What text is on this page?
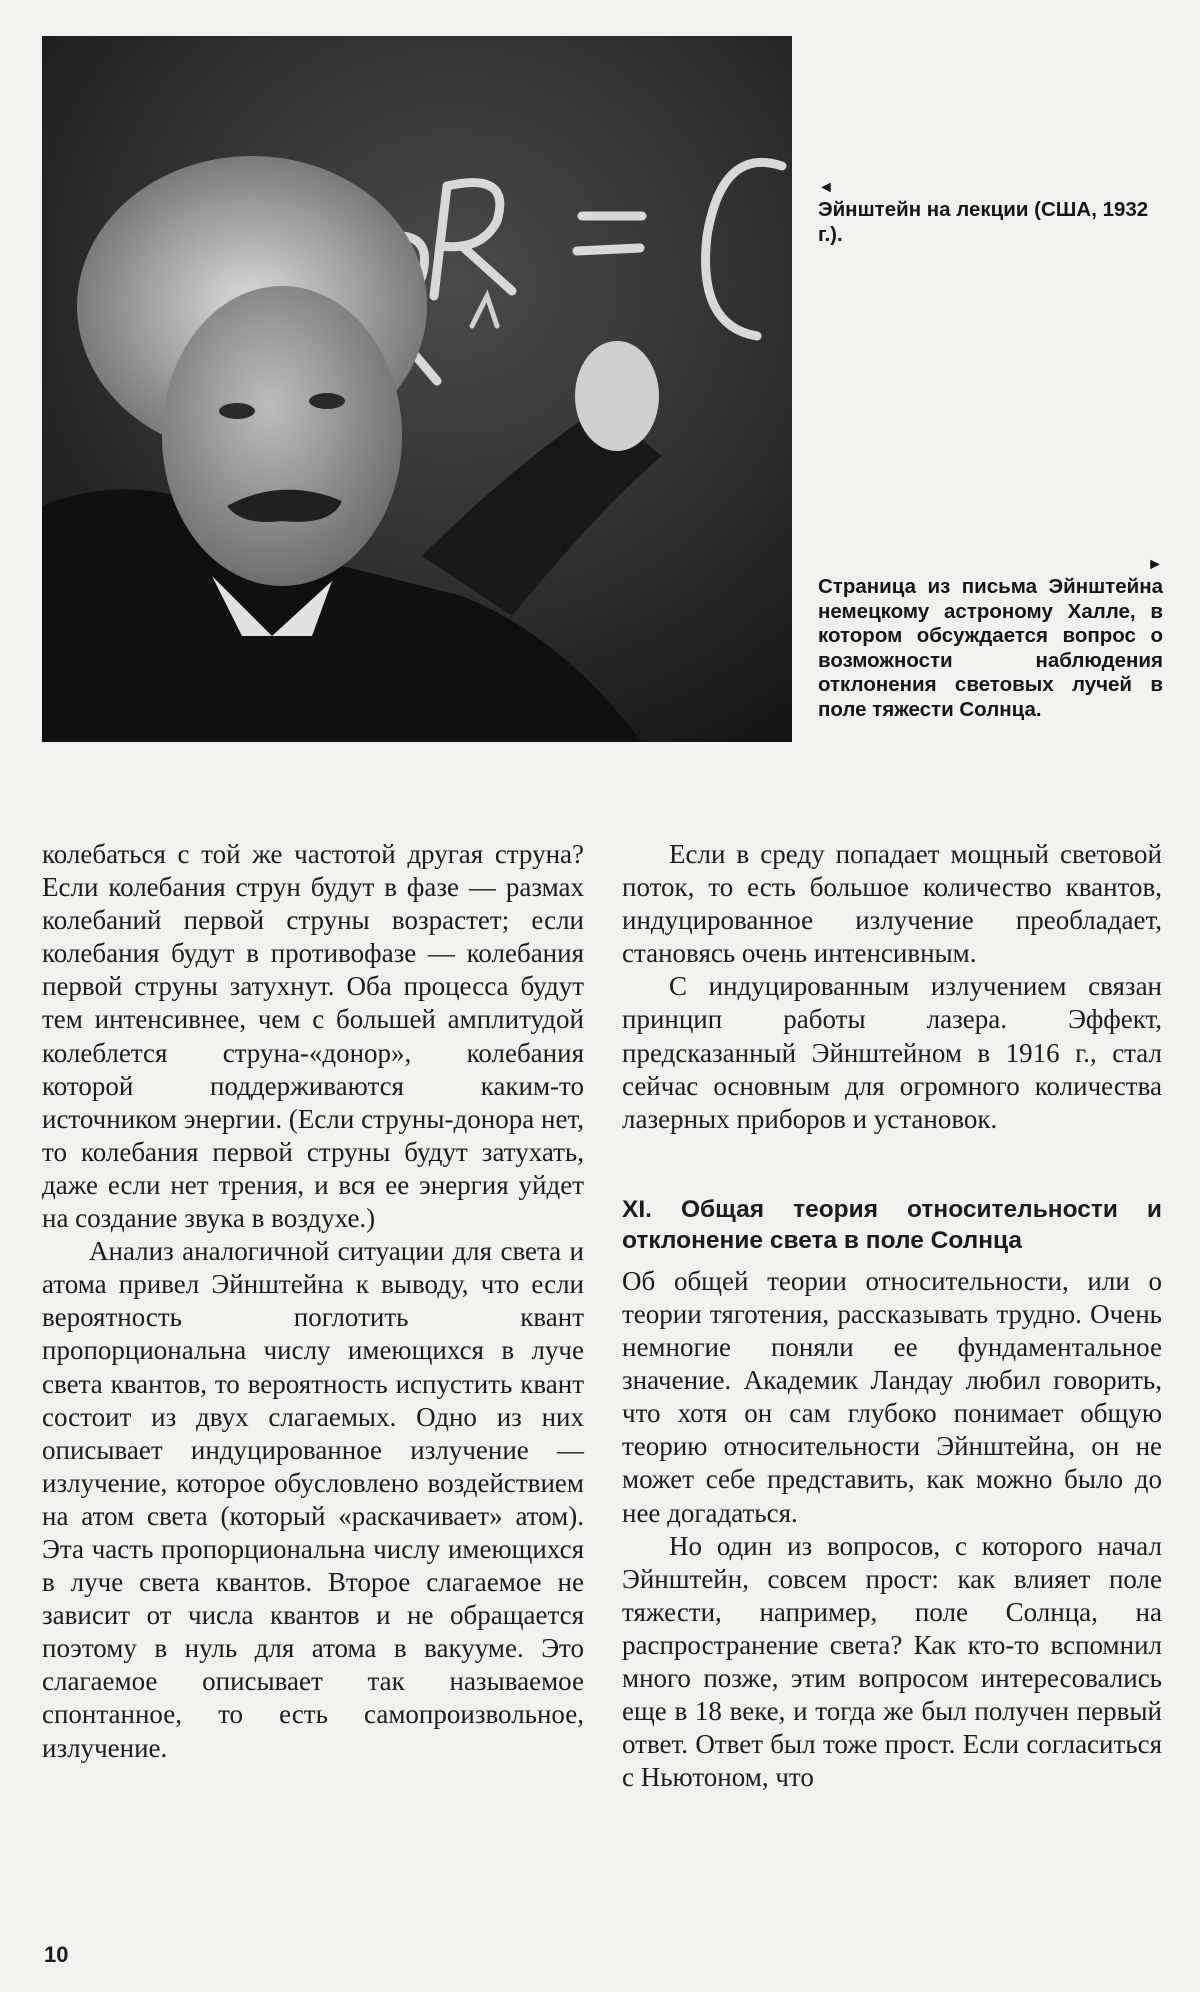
◄
Эйнштейн на лекции (США, 1932 г.).
►
Страница из письма Эйнштейна немецкому астроному Халле, в котором обсуждается вопрос о возможности наблюдения отклонения световых лучей в поле тяжести Солнца.

колебаться с той же частотой другая струна? Если колебания струн будут в фазе — размах колебаний первой струны возрастет; если колебания будут в противофазе — колебания первой струны затухнут. Оба процесса будут тем интенсивнее, чем с большей амплитудой колеблется струна-«донор», колебания которой поддерживаются каким-то источником энергии. (Если струны-донора нет, то колебания первой струны будут затухать, даже если нет трения, и вся ее энергия уйдет на создание звука в воздухе.)

Анализ аналогичной ситуации для света и атома привел Эйнштейна к выводу, что если вероятность поглотить квант пропорциональна числу имеющихся в луче света квантов, то вероятность испустить квант состоит из двух слагаемых. Одно из них описывает индуцированное излучение — излучение, которое обусловлено воздействием на атом света (который «раскачивает» атом). Эта часть пропорциональна числу имеющихся в луче света квантов. Второе слагаемое не зависит от числа квантов и не обращается поэтому в нуль для атома в вакууме. Это слагаемое описывает так называемое спонтанное, то есть самопроизвольное, излучение.

Если в среду попадает мощный световой поток, то есть большое количество квантов, индуцированное излучение преобладает, становясь очень интенсивным.

С индуцированным излучением связан принцип работы лазера. Эффект, предсказанный Эйнштейном в 1916 г., стал сейчас основным для огромного количества лазерных приборов и установок.

XI. Общая теория относительности и отклонение света в поле Солнца

Об общей теории относительности, или о теории тяготения, рассказывать трудно. Очень немногие поняли ее фундаментальное значение. Академик Ландау любил говорить, что хотя он сам глубоко понимает общую теорию относительности Эйнштейна, он не может себе представить, как можно было до нее догадаться.

Но один из вопросов, с которого начал Эйнштейн, совсем прост: как влияет поле тяжести, например, поле Солнца, на распространение света? Как кто-то вспомнил много позже, этим вопросом интересовались еще в 18 веке, и тогда же был получен первый ответ. Ответ был тоже прост. Если согласиться с Ньютоном, что

10
